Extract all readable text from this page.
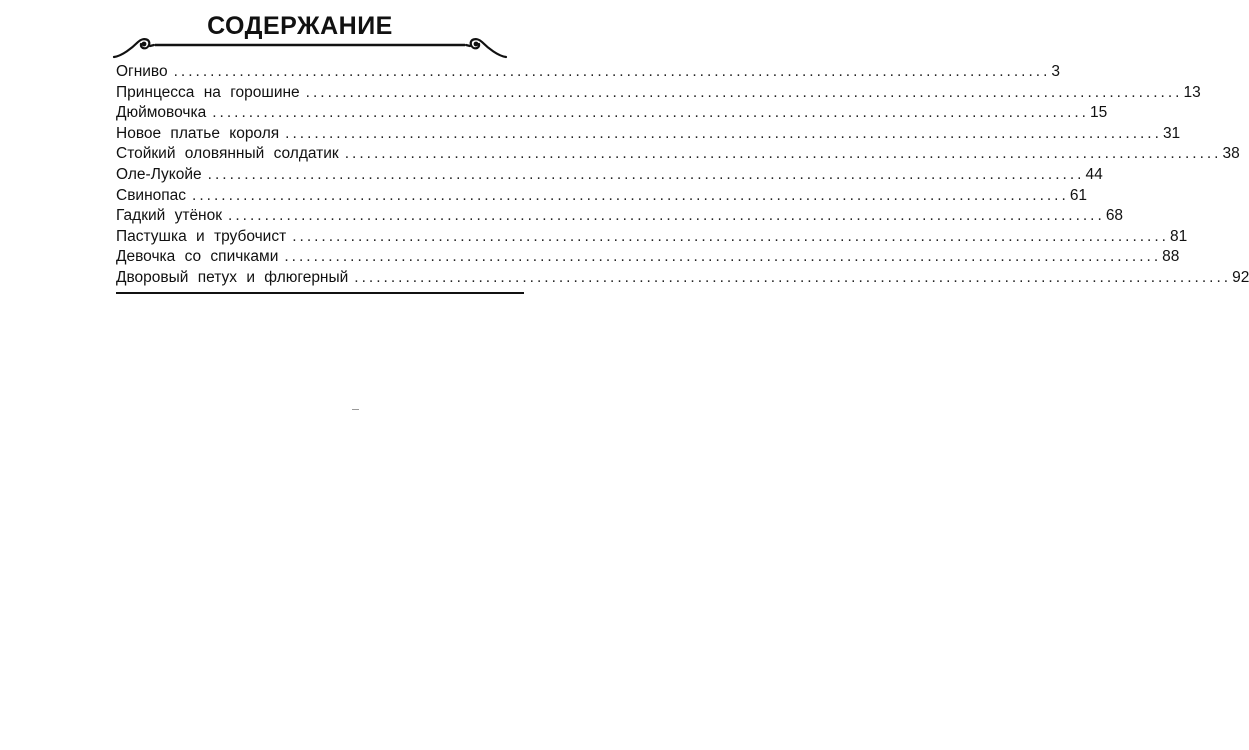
СОДЕРЖАНИЕ
Огниво ........................................................................................................................ 3
Принцесса на горошине ........................................................................................................................ 13
Дюймовочка ........................................................................................................................ 15
Новое платье короля ........................................................................................................................ 31
Стойкий оловянный солдатик ........................................................................................................................ 38
Оле-Лукойе ........................................................................................................................ 44
Свинопас ........................................................................................................................ 61
Гадкий утёнок ........................................................................................................................ 68
Пастушка и трубочист ........................................................................................................................ 81
Девочка со спичками ........................................................................................................................ 88
Дворовый петух и флюгерный ........................................................................................................................ 92
